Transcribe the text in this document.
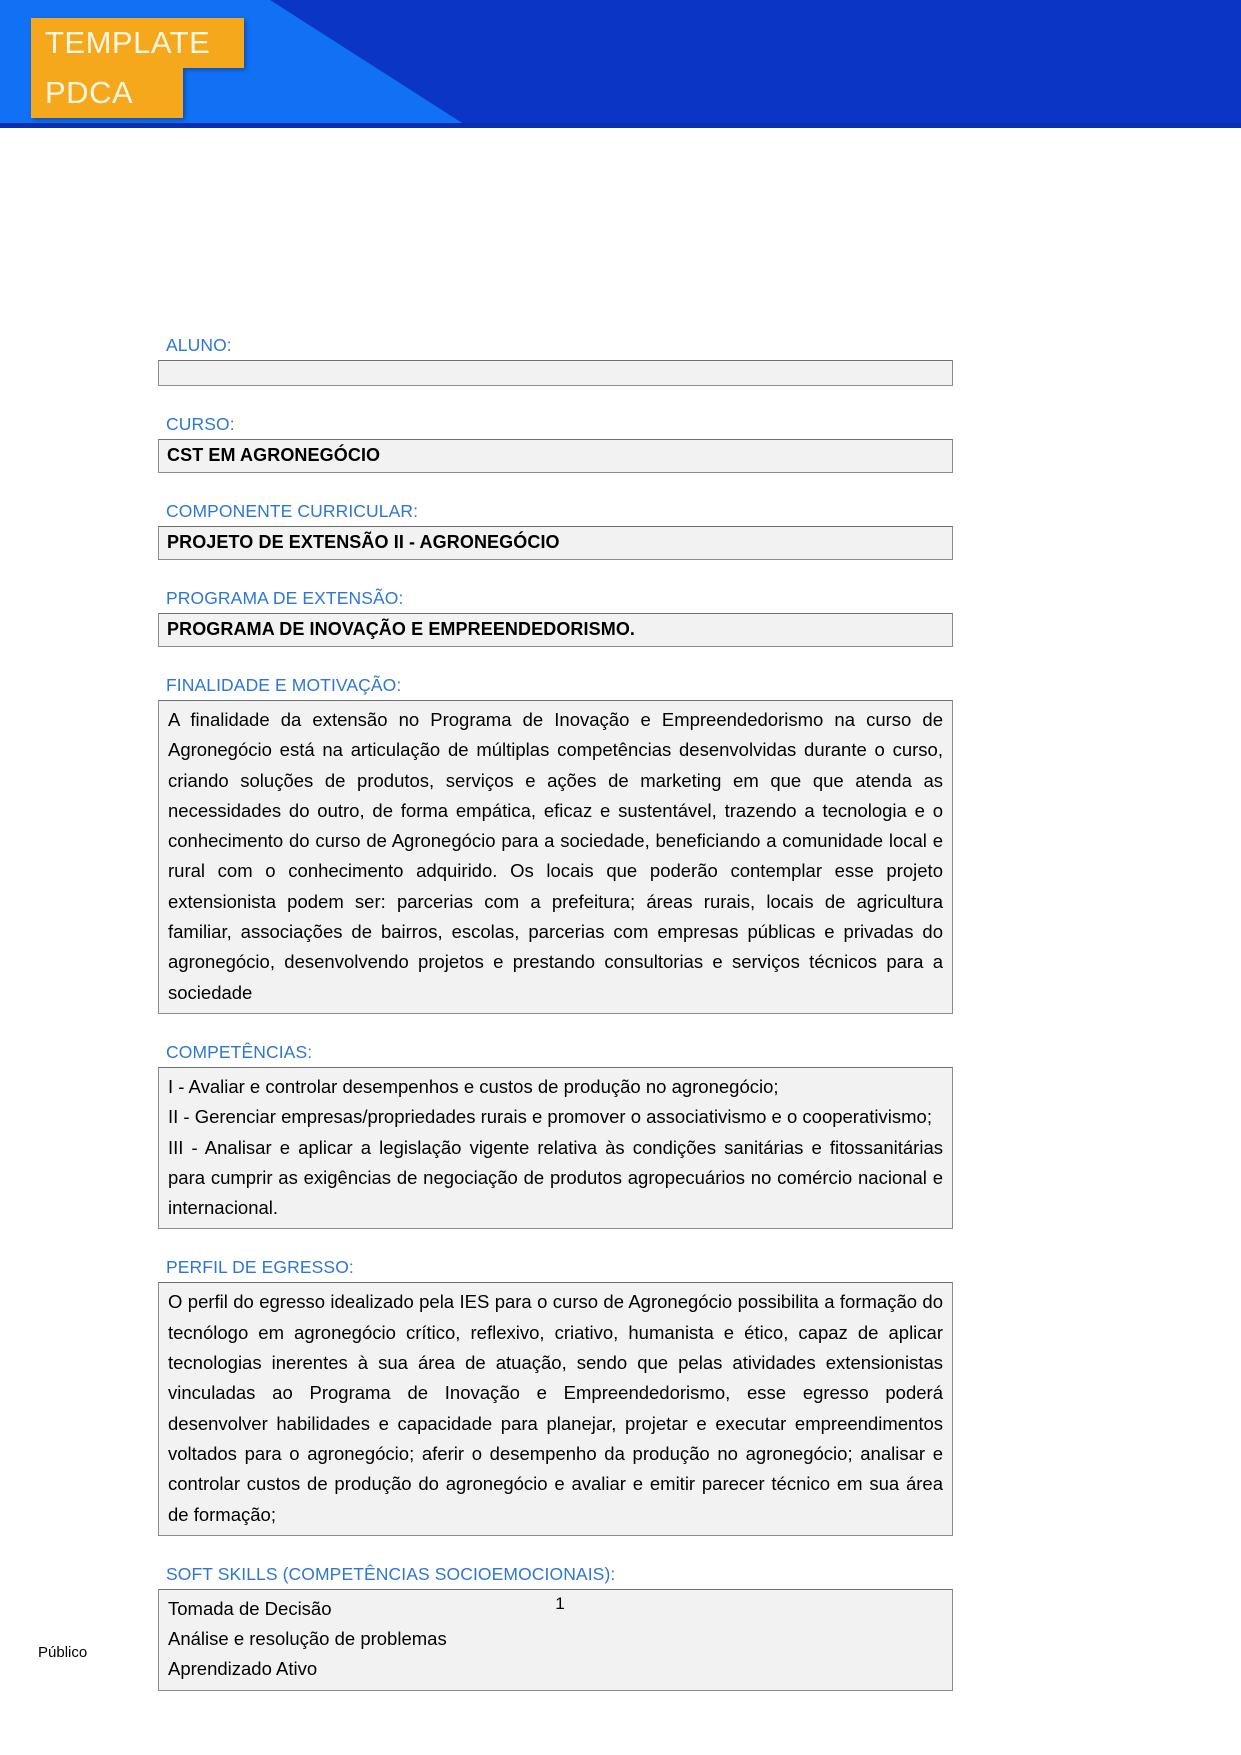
TEMPLATE
PDCA
ALUNO:
CURSO:
CST EM AGRONEGÓCIO
COMPONENTE CURRICULAR:
PROJETO DE EXTENSÃO II - AGRONEGÓCIO
PROGRAMA DE EXTENSÃO:
PROGRAMA DE INOVAÇÃO E EMPREENDEDORISMO.
FINALIDADE E MOTIVAÇÃO:

A finalidade da extensão no Programa de Inovação e Empreendedorismo na curso de Agronegócio está na articulação de múltiplas competências desenvolvidas durante o curso, criando soluções de produtos, serviços e ações de marketing em que que atenda as necessidades do outro, de forma empática, eficaz e sustentável, trazendo a tecnologia e o conhecimento do curso de Agronegócio para a sociedade, beneficiando a comunidade local e rural com o conhecimento adquirido. Os locais que poderão contemplar esse projeto extensionista podem ser: parcerias com a prefeitura; áreas rurais, locais de agricultura familiar, associações de bairros, escolas, parcerias com empresas públicas e privadas do agronegócio, desenvolvendo projetos e prestando consultorias e serviços técnicos para a sociedade

COMPETÊNCIAS:

I - Avaliar e controlar desempenhos e custos de produção no agronegócio;

II - Gerenciar empresas/propriedades rurais e promover o associativismo e o cooperativismo;

III - Analisar e aplicar a legislação vigente relativa às condições sanitárias e fitossanitárias para cumprir as exigências de negociação de produtos agropecuários no comércio nacional e internacional.

PERFIL DE EGRESSO:

O perfil do egresso idealizado pela IES para o curso de Agronegócio possibilita a formação do tecnólogo em agronegócio crítico, reflexivo, criativo, humanista e ético, capaz de aplicar tecnologias inerentes à sua área de atuação, sendo que pelas atividades extensionistas vinculadas ao Programa de Inovação e Empreendedorismo, esse egresso poderá desenvolver habilidades e capacidade para planejar, projetar e executar empreendimentos voltados para o agronegócio; aferir o desempenho da produção no agronegócio; analisar e controlar custos de produção do agronegócio e avaliar e emitir parecer técnico em sua área de formação;

SOFT SKILLS (COMPETÊNCIAS SOCIOEMOCIONAIS):

Tomada de Decisão

Análise e resolução de problemas

Aprendizado Ativo

1
Público
